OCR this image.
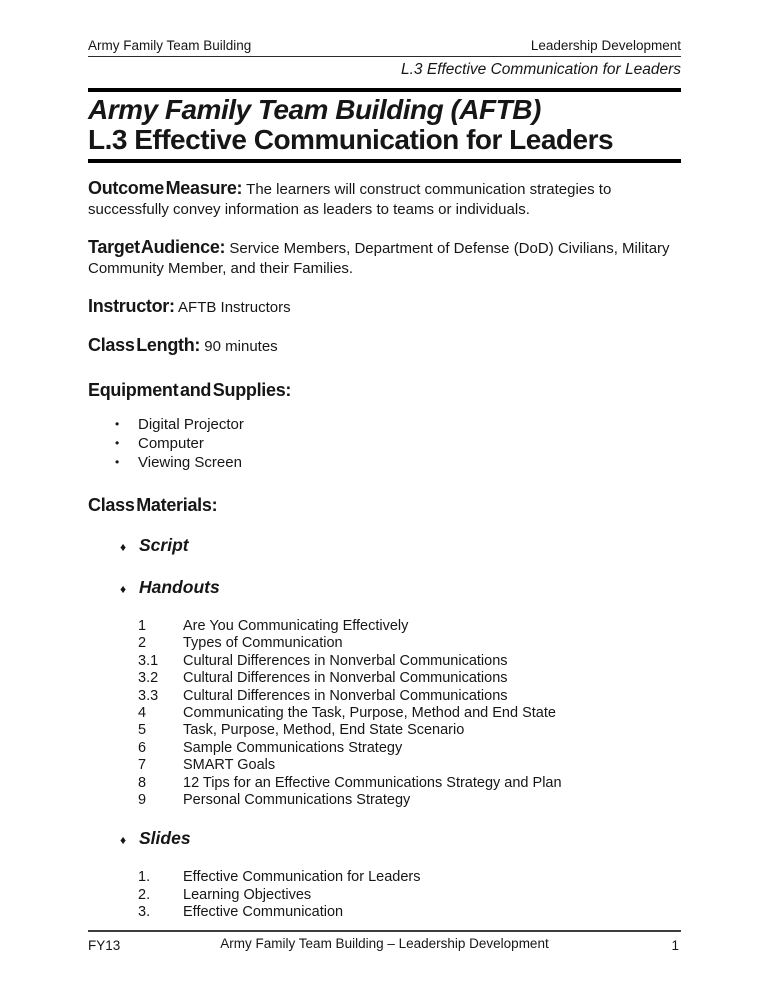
Army Family Team Building	Leadership Development
L.3 Effective Communication for Leaders
Army Family Team Building (AFTB)
L.3 Effective Communication for Leaders

Outcome Measure: The learners will construct communication strategies to successfully convey information as leaders to teams or individuals.

Target Audience: Service Members, Department of Defense (DoD) Civilians, Military Community Member, and their Families.

Instructor: AFTB Instructors

Class Length: 90 minutes

Equipment and Supplies:
•	Digital Projector
•	Computer
•	Viewing Screen
Class Materials:
♦ Script
♦ Handouts
1	Are You Communicating Effectively
2	Types of Communication
3.1	Cultural Differences in Nonverbal Communications
3.2	Cultural Differences in Nonverbal Communications
3.3	Cultural Differences in Nonverbal Communications
4	Communicating the Task, Purpose, Method and End State
5	Task, Purpose, Method, End State Scenario
6	Sample Communications Strategy
7	SMART Goals
8	12 Tips for an Effective Communications Strategy and Plan
9	Personal Communications Strategy
♦ Slides
1.	Effective Communication for Leaders
2.	Learning Objectives
3.	Effective Communication
FY13	Army Family Team Building – Leadership Development	1
